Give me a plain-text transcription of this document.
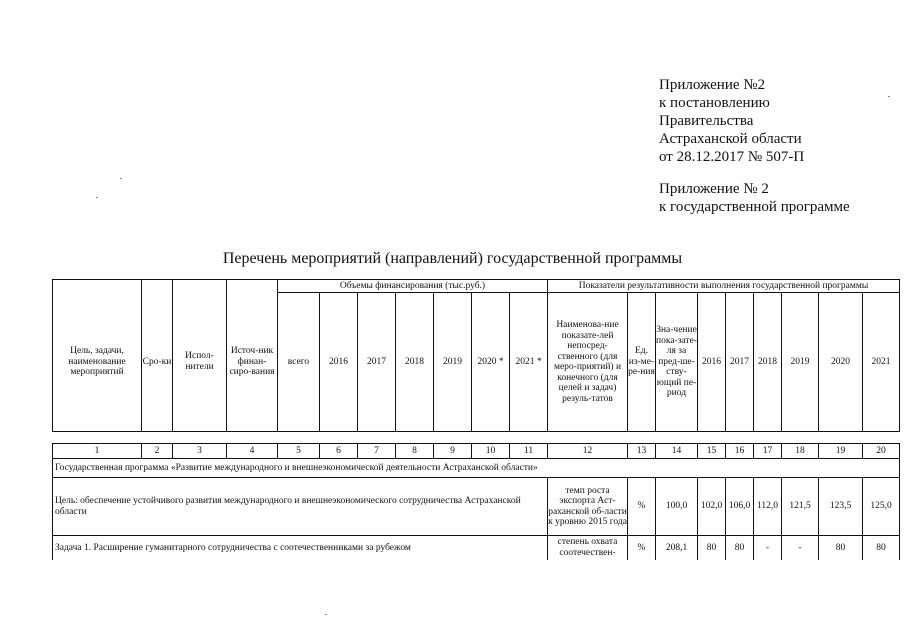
Приложение №2
к постановлению
Правительства
Астраханской области
от 28.12.2017 № 507-П
Приложение № 2
к государственной программе
Перечень мероприятий (направлений) государственной программы
				Объемы финансирования (тыс.руб.)							Показатели результативности выполнения государственной программы								
Цель, задачи, наименование мероприятий	Сро-ки	Испол-нители	Источ-ник финан-сиро-вания	всего	2016	2017	2018	2019	2020 *	2021 *	Наименова-ние показате-лей непосред-ственного (для меро-приятий) и конечного (для целей и задач) резуль-татов	Ед. из-ме-ре-ния	Зна-чение пока-зате-ля за пред-ше-ству-ющий пе-риод	2016	2017	2018	2019	2020	2021
1	2	3	4	5	6	7	8	9	10	11	12	13	14	15	16	17	18	19	20
Государственная программа «Развитие международного и внешнеэкономической деятельности Астраханской области»																			
Цель: обеспечение устойчивого развития международного и внешнеэкономического сотрудничества Астраханской области											темп роста экспорта Аст-раханской об-ласти к уровню 2015 года	%	100,0	102,0	106,0	112,0	121,5	123,5	125,0
Задача 1. Расширение гуманитарного сотрудничества с соотечественниками за рубежом											степень охвата соотечествен-	%	208,1	80	80	-	-	80	80
